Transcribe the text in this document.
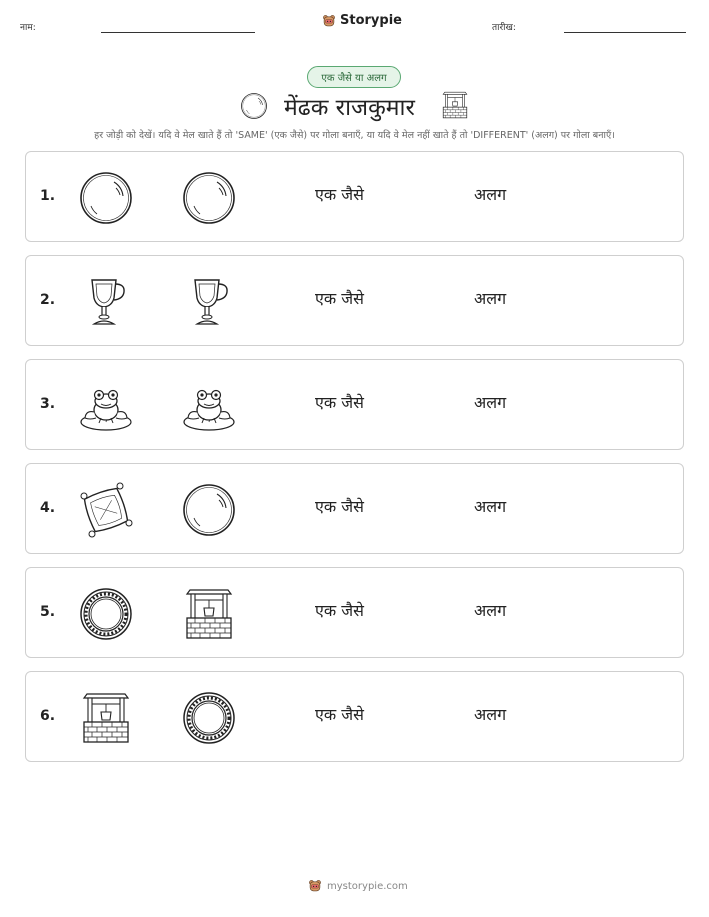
नाम:	Storypie	तारीख:
एक जैसे या अलग
मेंढक राजकुमार
हर जोड़ी को देखें। यदि वे मेल खाते हैं तो 'SAME' (एक जैसे) पर गोला बनाएँ, या यदि वे मेल नहीं खाते हैं तो 'DIFFERENT' (अलग) पर गोला बनाएँ।
1.	एक जैसे	अलग
2.	एक जैसे	अलग
3.	एक जैसे	अलग
4.	एक जैसे	अलग
5.	एक जैसे	अलग
6.	एक जैसे	अलग
mystorypie.com
